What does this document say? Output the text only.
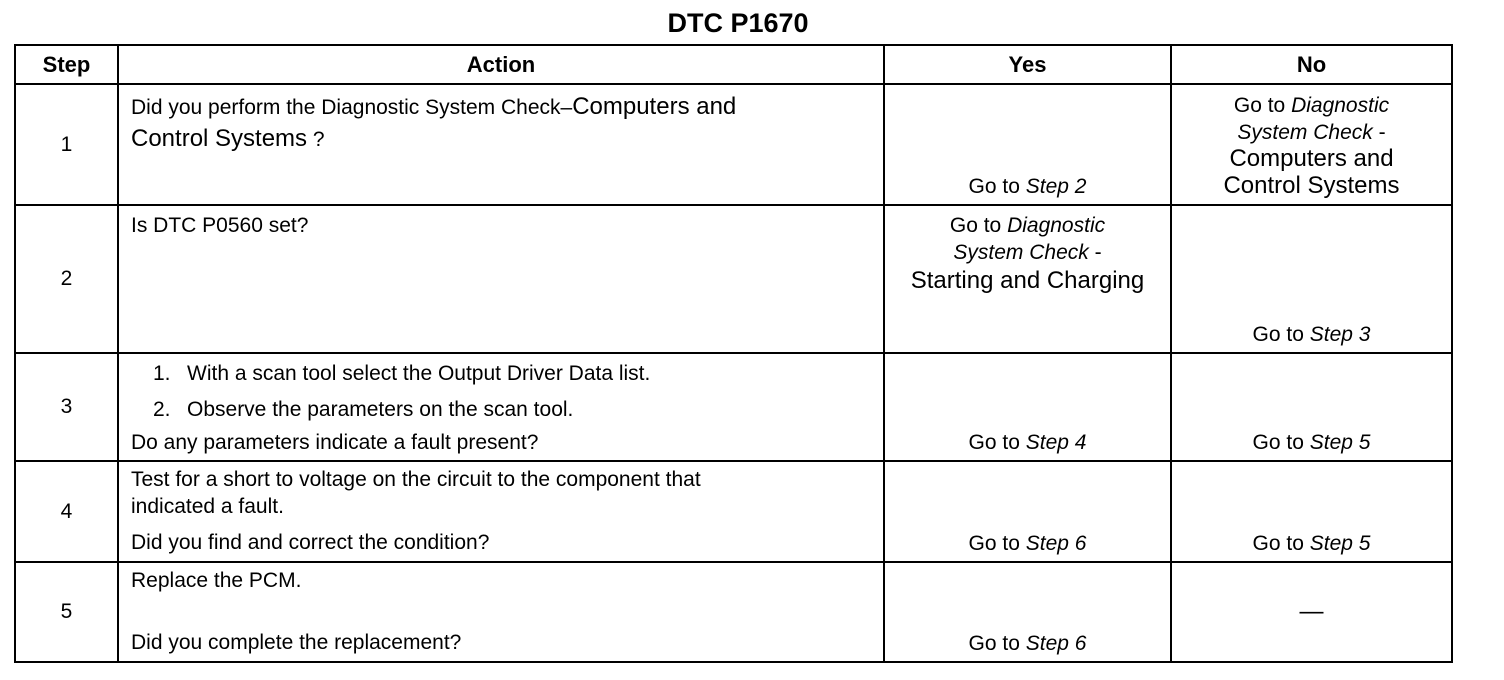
DTC P1670
Step	Action	Yes	No
1	Did you perform the Diagnostic System Check–Computers and
Control Systems ?	Go to Step 2	Go to Diagnostic
System Check -
Computers and
Control Systems

2	Is DTC P0560 set?	Go to Diagnostic
System Check -
Starting and Charging	Go to Step 3

3	1. With a scan tool select the Output Driver Data list.
2. Observe the parameters on the scan tool.
Do any parameters indicate a fault present?	Go to Step 4	Go to Step 5

4	Test for a short to voltage on the circuit to the component that
indicated a fault.
Did you find and correct the condition?	Go to Step 6	Go to Step 5

5	Replace the PCM.
Did you complete the replacement?	Go to Step 6	—
